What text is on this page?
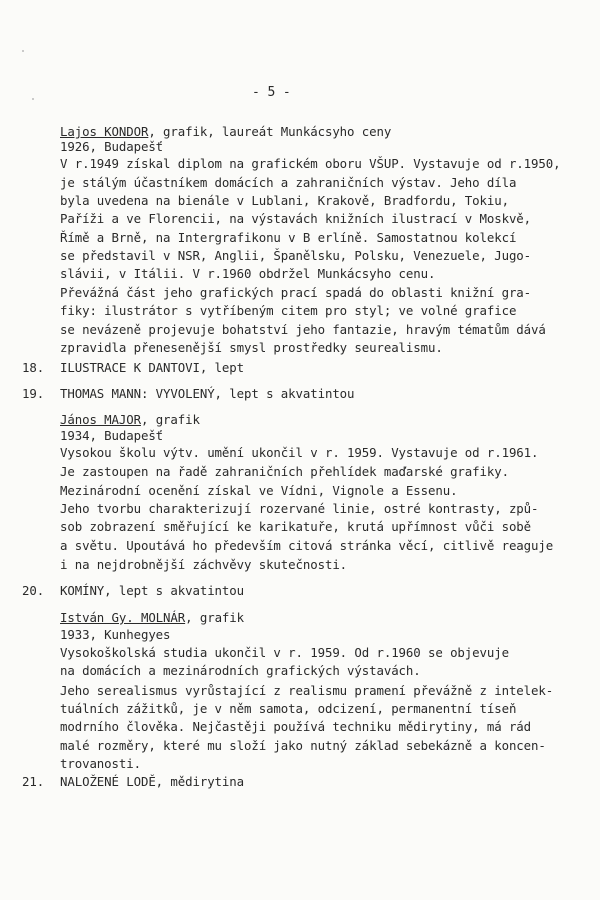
- 5 -
Lajos KONDOR, grafik, laureát Munkácsyho ceny
1926, Budapešť
V r.1949 získal diplom na grafickém oboru VŠUP. Vystavuje od r.1950,
je stálým účastníkem domácích a zahraničních výstav. Jeho díla
byla uvedena na bienále v Lublani, Krakově, Bradfordu, Tokiu,
Paříži a ve Florencii, na výstavách knižních ilustrací v Moskvě,
Římě a Brně, na Intergrafikonu v B erlíně. Samostatnou kolekcí
se představil v NSR, Anglii, Španělsku, Polsku, Venezuele, Jugo-
slávii, v Itálii. V r.1960 obdržel Munkácsyho cenu.
Převážná část jeho grafických prací spadá do oblasti knižní gra-
fiky: ilustrátor s vytříbeným citem pro styl; ve volné grafice
se nevázeně projevuje bohatství jeho fantazie, hravým tématům dává
zpravidla přenesenější smysl prostředky seurealismu.
18. ILUSTRACE K DANTOVI, lept
19. THOMAS MANN: VYVOLENÝ, lept s akvatintou
János MAJOR, grafik
1934, Budapešť
Vysokou školu výtv. umění ukončil v r. 1959. Vystavuje od r.1961.
Je zastoupen na řadě zahraničních přehlídek maďarské grafiky.
Mezinárodní ocenění získal ve Vídni, Vignole a Essenu.
Jeho tvorbu charakterizují rozervané linie, ostré kontrasty, způ-
sob zobrazení směřující ke karikatuře, krutá upřímnost vůči sobě
a světu. Upoutává ho především citová stránka věcí, citlivě reaguje
i na nejdrobnější záchvěvy skutečnosti.
20. KOMÍNY, lept s akvatintou
István Gy. MOLNÁR, grafik
1933, Kunhegyes
Vysokoškolská studia ukončil v r. 1959. Od r.1960 se objevuje
na domácích a mezinárodních grafických výstavách.
Jeho serealismus vyrůstající z realismu pramení převážně z intelek-
tuálních zážitků, je v něm samota, odcizení, permanentní tíseň
modrního člověka. Nejčastěji používá techniku mědirytiny, má rád
malé rozměry, které mu složí jako nutný základ sebekázně a koncen-
trovanosti.
21. NALOŽENÉ LODĚ, mědirytina
